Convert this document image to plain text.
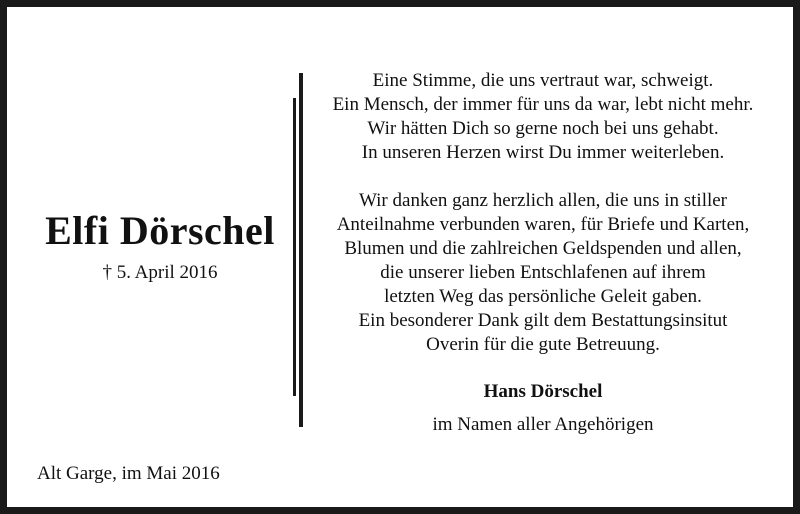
Elfi Dörschel
† 5. April 2016
Eine Stimme, die uns vertraut war, schweigt.
Ein Mensch, der immer für uns da war, lebt nicht mehr.
Wir hätten Dich so gerne noch bei uns gehabt.
In unseren Herzen wirst Du immer weiterleben.
Wir danken ganz herzlich allen, die uns in stiller
Anteilnahme verbunden waren, für Briefe und Karten,
Blumen und die zahlreichen Geldspenden und allen,
die unserer lieben Entschlafenen auf ihrem
letzten Weg das persönliche Geleit gaben.
Ein besonderer Dank gilt dem Bestattungsinsitut
Overin für die gute Betreuung.
Hans Dörschel
im Namen aller Angehörigen
Alt Garge, im Mai 2016
